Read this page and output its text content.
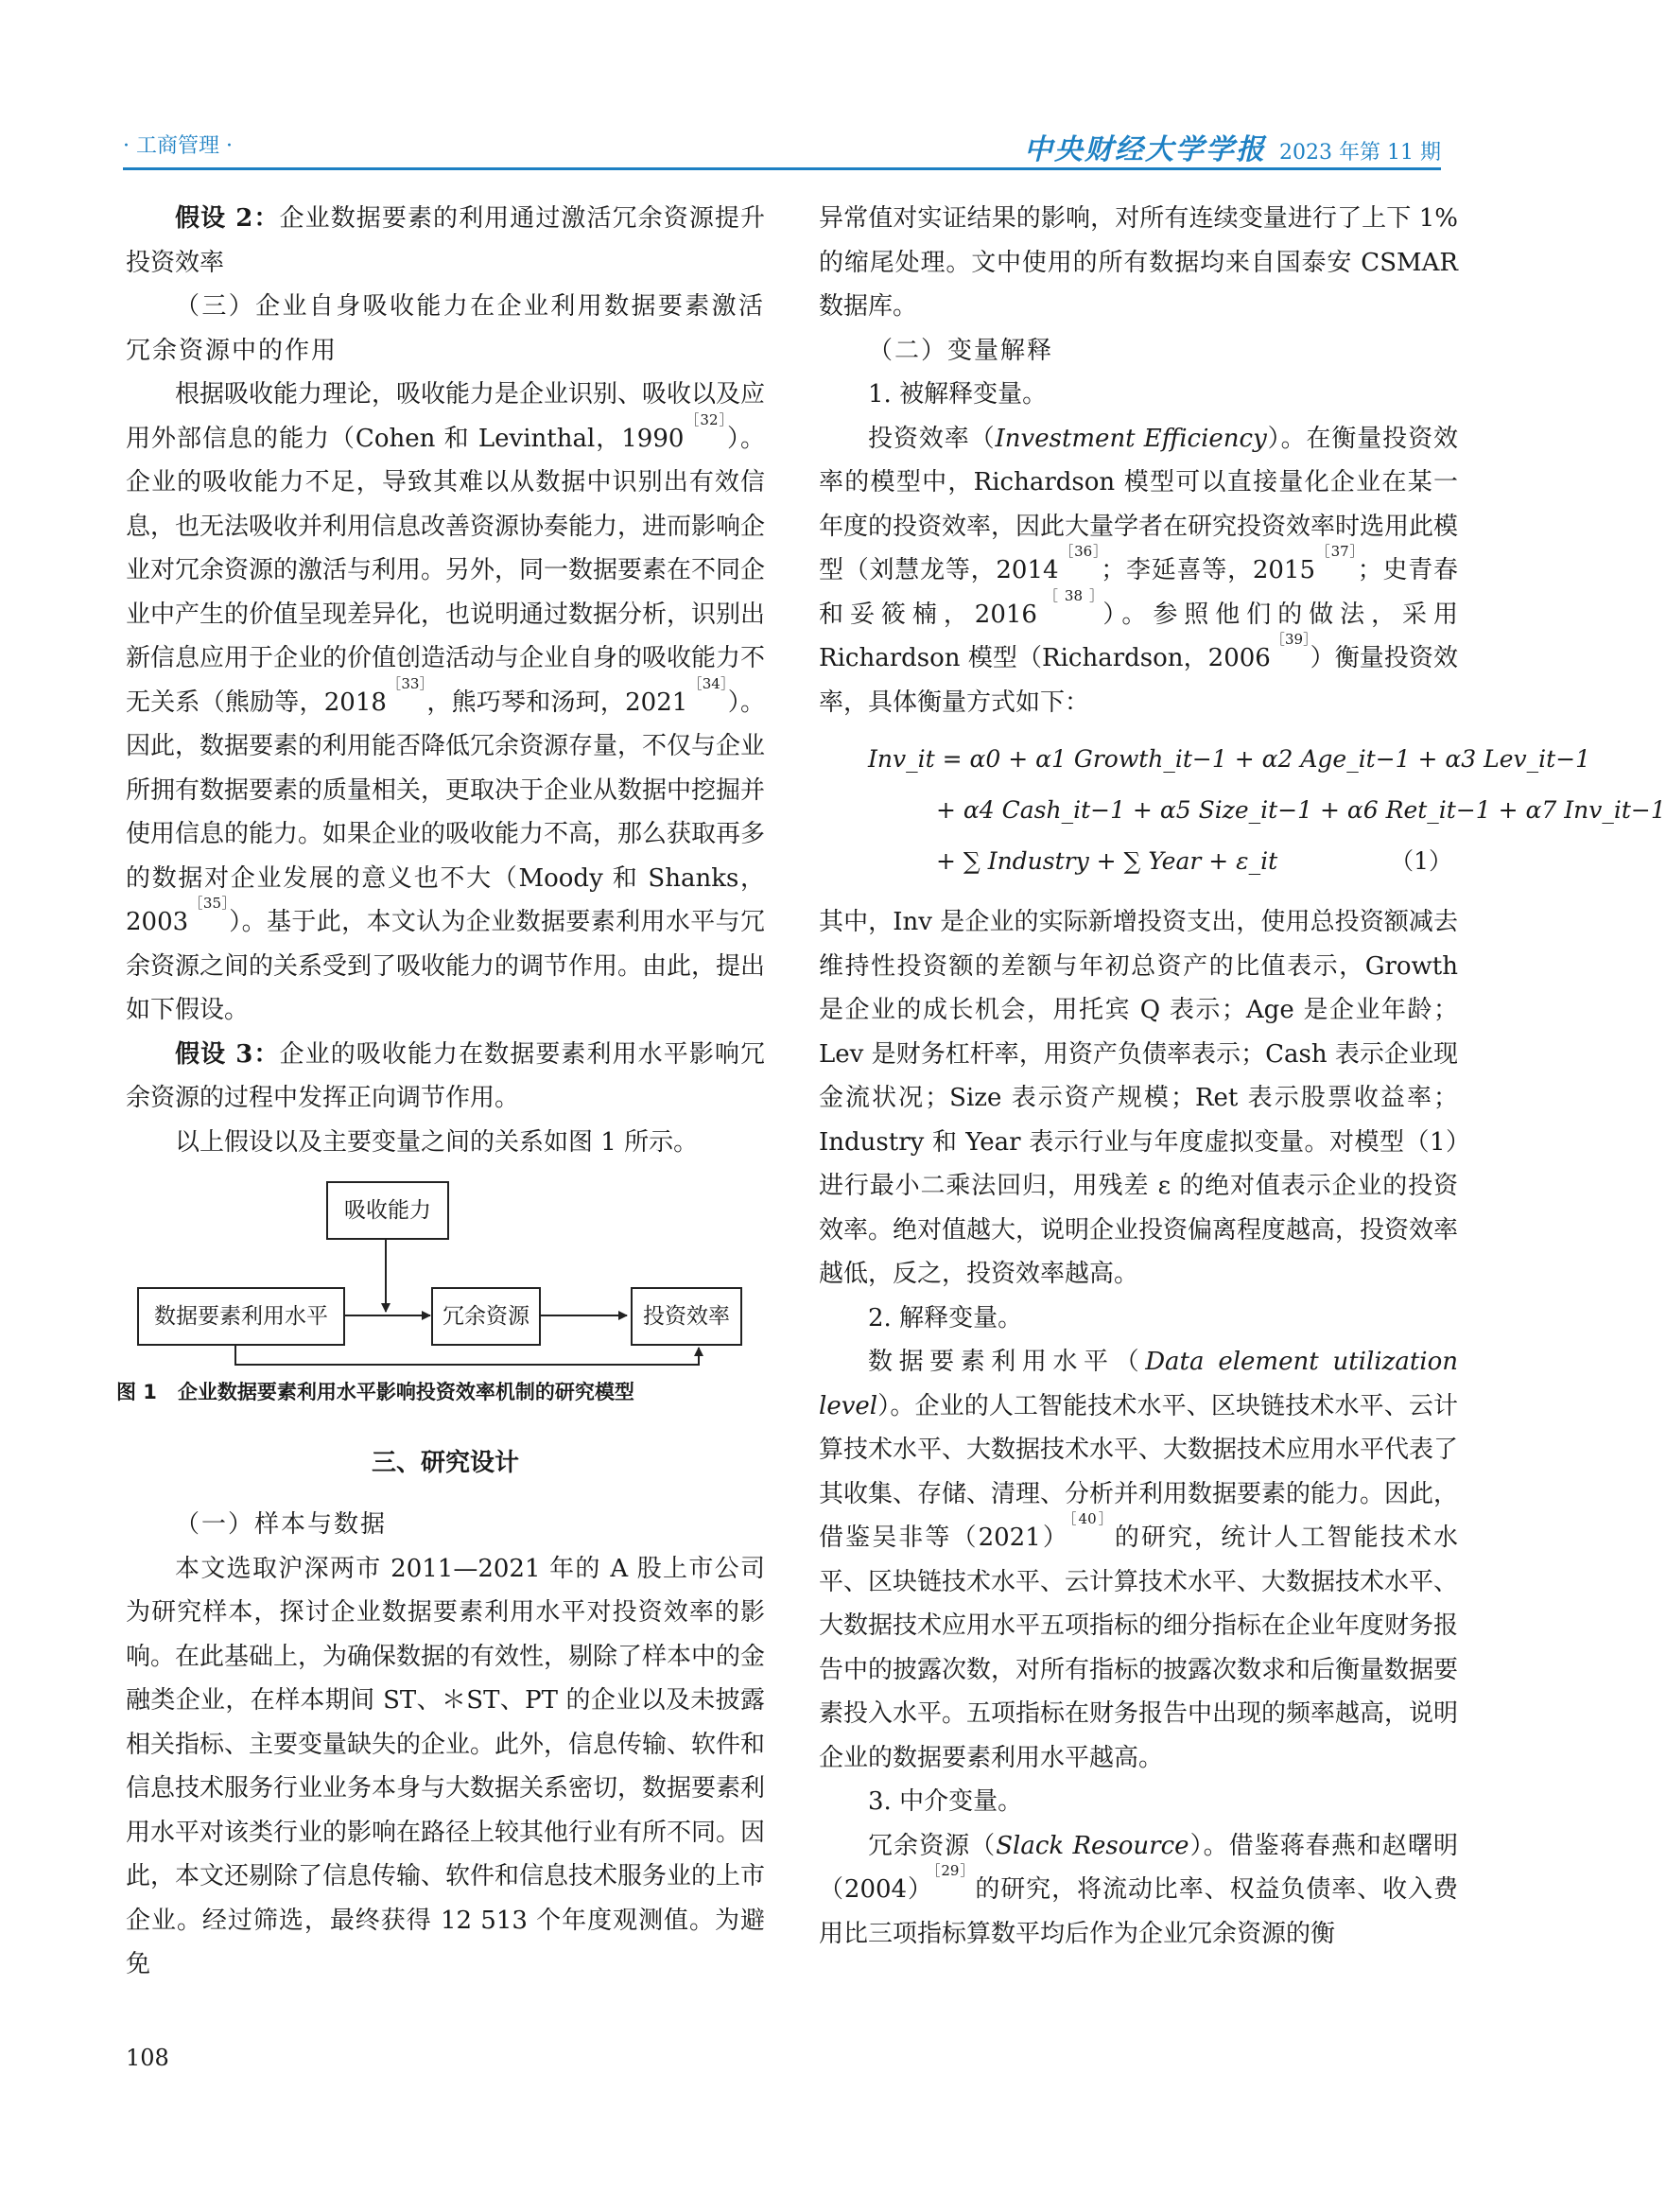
· 工商管理 ·	中央财经大学学报 2023 年第 11 期

假设 2：企业数据要素的利用通过激活冗余资源提升投资效率

（三）企业自身吸收能力在企业利用数据要素激活冗余资源中的作用

根据吸收能力理论，吸收能力是企业识别、吸收以及应用外部信息的能力（Cohen 和 Levinthal，1990$^{[32]}$）。企业的吸收能力不足，导致其难以从数据中识别出有效信息，也无法吸收并利用信息改善资源协奏能力，进而影响企业对冗余资源的激活与利用。另外，同一数据要素在不同企业中产生的价值呈现差异化，也说明通过数据分析，识别出新信息应用于企业的价值创造活动与企业自身的吸收能力不无关系（熊励等，2018$^{[33]}$，熊巧琴和汤珂，2021$^{[34]}$）。因此，数据要素的利用能否降低冗余资源存量，不仅与企业所拥有数据要素的质量相关，更取决于企业从数据中挖掘并使用信息的能力。如果企业的吸收能力不高，那么获取再多的数据对企业发展的意义也不大（Moody 和 Shanks，2003$^{[35]}$）。基于此，本文认为企业数据要素利用水平与冗余资源之间的关系受到了吸收能力的调节作用。由此，提出如下假设。

假设 3：企业的吸收能力在数据要素利用水平影响冗余资源的过程中发挥正向调节作用。

以上假设以及主要变量之间的关系如图 1 所示。

吸收能力
数据要素利用水平	冗余资源	投资效率
图 1 企业数据要素利用水平影响投资效率机制的研究模型
三、研究设计

（一）样本与数据

本文选取沪深两市 2011—2021 年的 A 股上市公司为研究样本，探讨企业数据要素利用水平对投资效率的影响。在此基础上，为确保数据的有效性，剔除了样本中的金融类企业，在样本期间 ST、＊ST、PT 的企业以及未披露相关指标、主要变量缺失的企业。此外，信息传输、软件和信息技术服务行业业务本身与大数据关系密切，数据要素利用水平对该类行业的影响在路径上较其他行业有所不同。因此，本文还剔除了信息传输、软件和信息技术服务业的上市企业。经过筛选，最终获得 12 513 个年度观测值。为避免

异常值对实证结果的影响，对所有连续变量进行了上下 1% 的缩尾处理。文中使用的所有数据均来自国泰安 CSMAR 数据库。

（二）变量解释

1. 被解释变量。

投资效率（Investment Efficiency）。在衡量投资效率的模型中，Richardson 模型可以直接量化企业在某一年度的投资效率，因此大量学者在研究投资效率时选用此模型（刘慧龙等，2014$^{[36]}$；李延喜等，2015$^{[37]}$；史青春和妥筱楠，2016$^{[38]}$）。参照他们的做法，采用 Richardson 模型（Richardson，2006$^{[39]}$）衡量投资效率，具体衡量方式如下：

Inv_it = α0 + α1 Growth_it−1 + α2 Age_it−1 + α3 Lev_it−1
+ α4 Cash_it−1 + α5 Size_it−1 + α6 Ret_it−1 + α7 Inv_it−1
+ ∑ Industry + ∑ Year + ε_it	（1）

其中，Inv 是企业的实际新增投资支出，使用总投资额减去维持性投资额的差额与年初总资产的比值表示，Growth 是企业的成长机会，用托宾 Q 表示；Age 是企业年龄；Lev 是财务杠杆率，用资产负债率表示；Cash 表示企业现金流状况；Size 表示资产规模；Ret 表示股票收益率；Industry 和 Year 表示行业与年度虚拟变量。对模型（1）进行最小二乘法回归，用残差 ε 的绝对值表示企业的投资效率。绝对值越大，说明企业投资偏离程度越高，投资效率越低，反之，投资效率越高。

2. 解释变量。

数据要素利用水平（Data element utilization level）。企业的人工智能技术水平、区块链技术水平、云计算技术水平、大数据技术水平、大数据技术应用水平代表了其收集、存储、清理、分析并利用数据要素的能力。因此，借鉴吴非等（2021）$^{[40]}$的研究，统计人工智能技术水平、区块链技术水平、云计算技术水平、大数据技术水平、大数据技术应用水平五项指标的细分指标在企业年度财务报告中的披露次数，对所有指标的披露次数求和后衡量数据要素投入水平。五项指标在财务报告中出现的频率越高，说明企业的数据要素利用水平越高。

3. 中介变量。

冗余资源（Slack Resource）。借鉴蒋春燕和赵曙明（2004）$^{[29]}$的研究，将流动比率、权益负债率、收入费用比三项指标算数平均后作为企业冗余资源的衡

108
